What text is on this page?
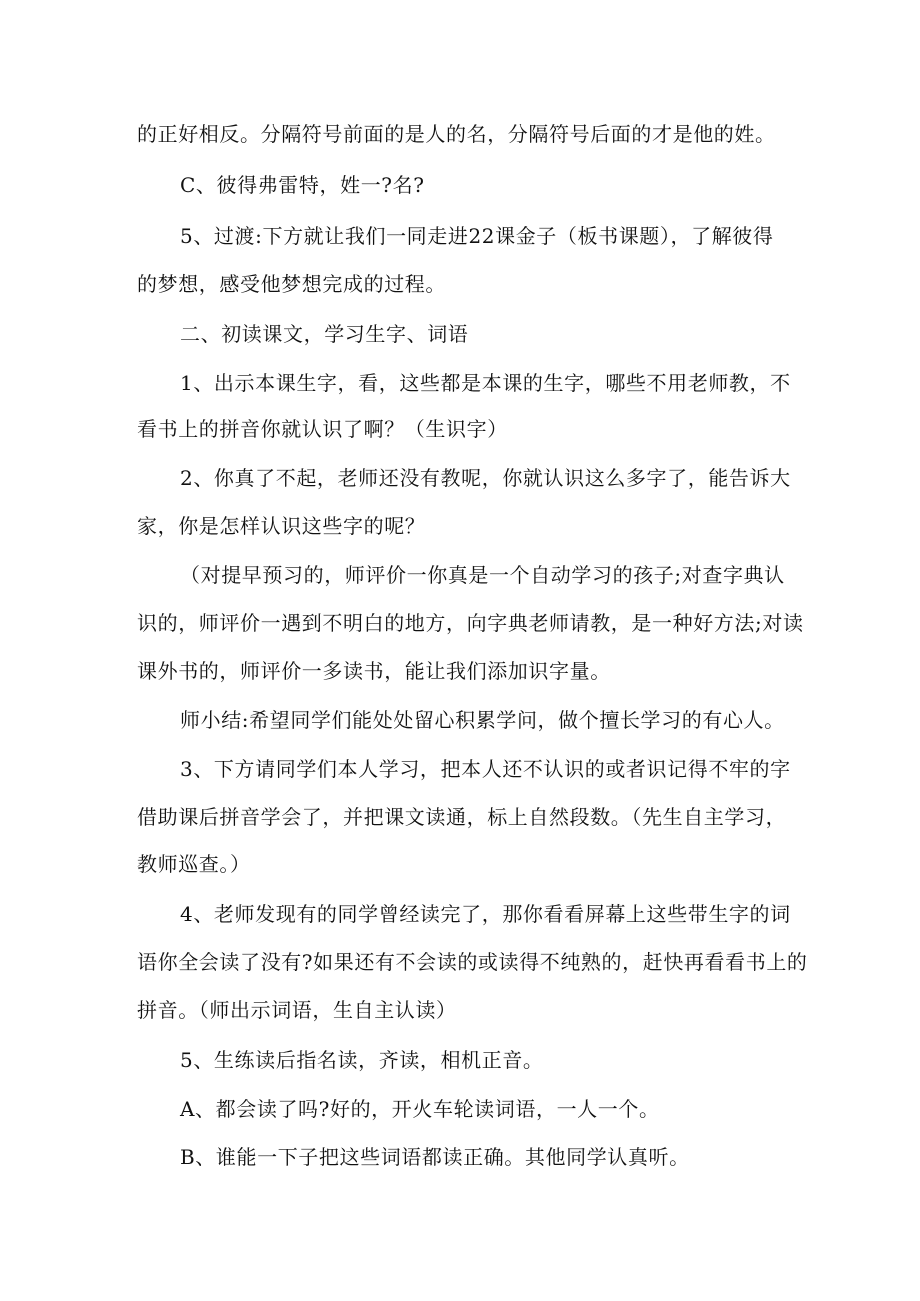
的正好相反。分隔符号前面的是人的名，分隔符号后面的才是他的姓。
C、彼得弗雷特，姓一?名?
5、过渡:下方就让我们一同走进22课金子（板书课题），了解彼得
的梦想，感受他梦想完成的过程。
二、初读课文，学习生字、词语
1、出示本课生字，看，这些都是本课的生字，哪些不用老师教，不
看书上的拼音你就认识了啊？（生识字）
2、你真了不起，老师还没有教呢，你就认识这么多字了，能告诉大
家，你是怎样认识这些字的呢？
（对提早预习的，师评价一你真是一个自动学习的孩子;对查字典认
识的，师评价一遇到不明白的地方，向字典老师请教，是一种好方法;对读
课外书的，师评价一多读书，能让我们添加识字量。
师小结:希望同学们能处处留心积累学问，做个擅长学习的有心人。
3、下方请同学们本人学习，把本人还不认识的或者识记得不牢的字
借助课后拼音学会了，并把课文读通，标上自然段数。（先生自主学习，
教师巡查。）
4、老师发现有的同学曾经读完了，那你看看屏幕上这些带生字的词
语你全会读了没有?如果还有不会读的或读得不纯熟的，赶快再看看书上的
拼音。（师出示词语，生自主认读）
5、生练读后指名读，齐读，相机正音。
A、都会读了吗?好的，开火车轮读词语，一人一个。
B、谁能一下子把这些词语都读正确。其他同学认真听。
